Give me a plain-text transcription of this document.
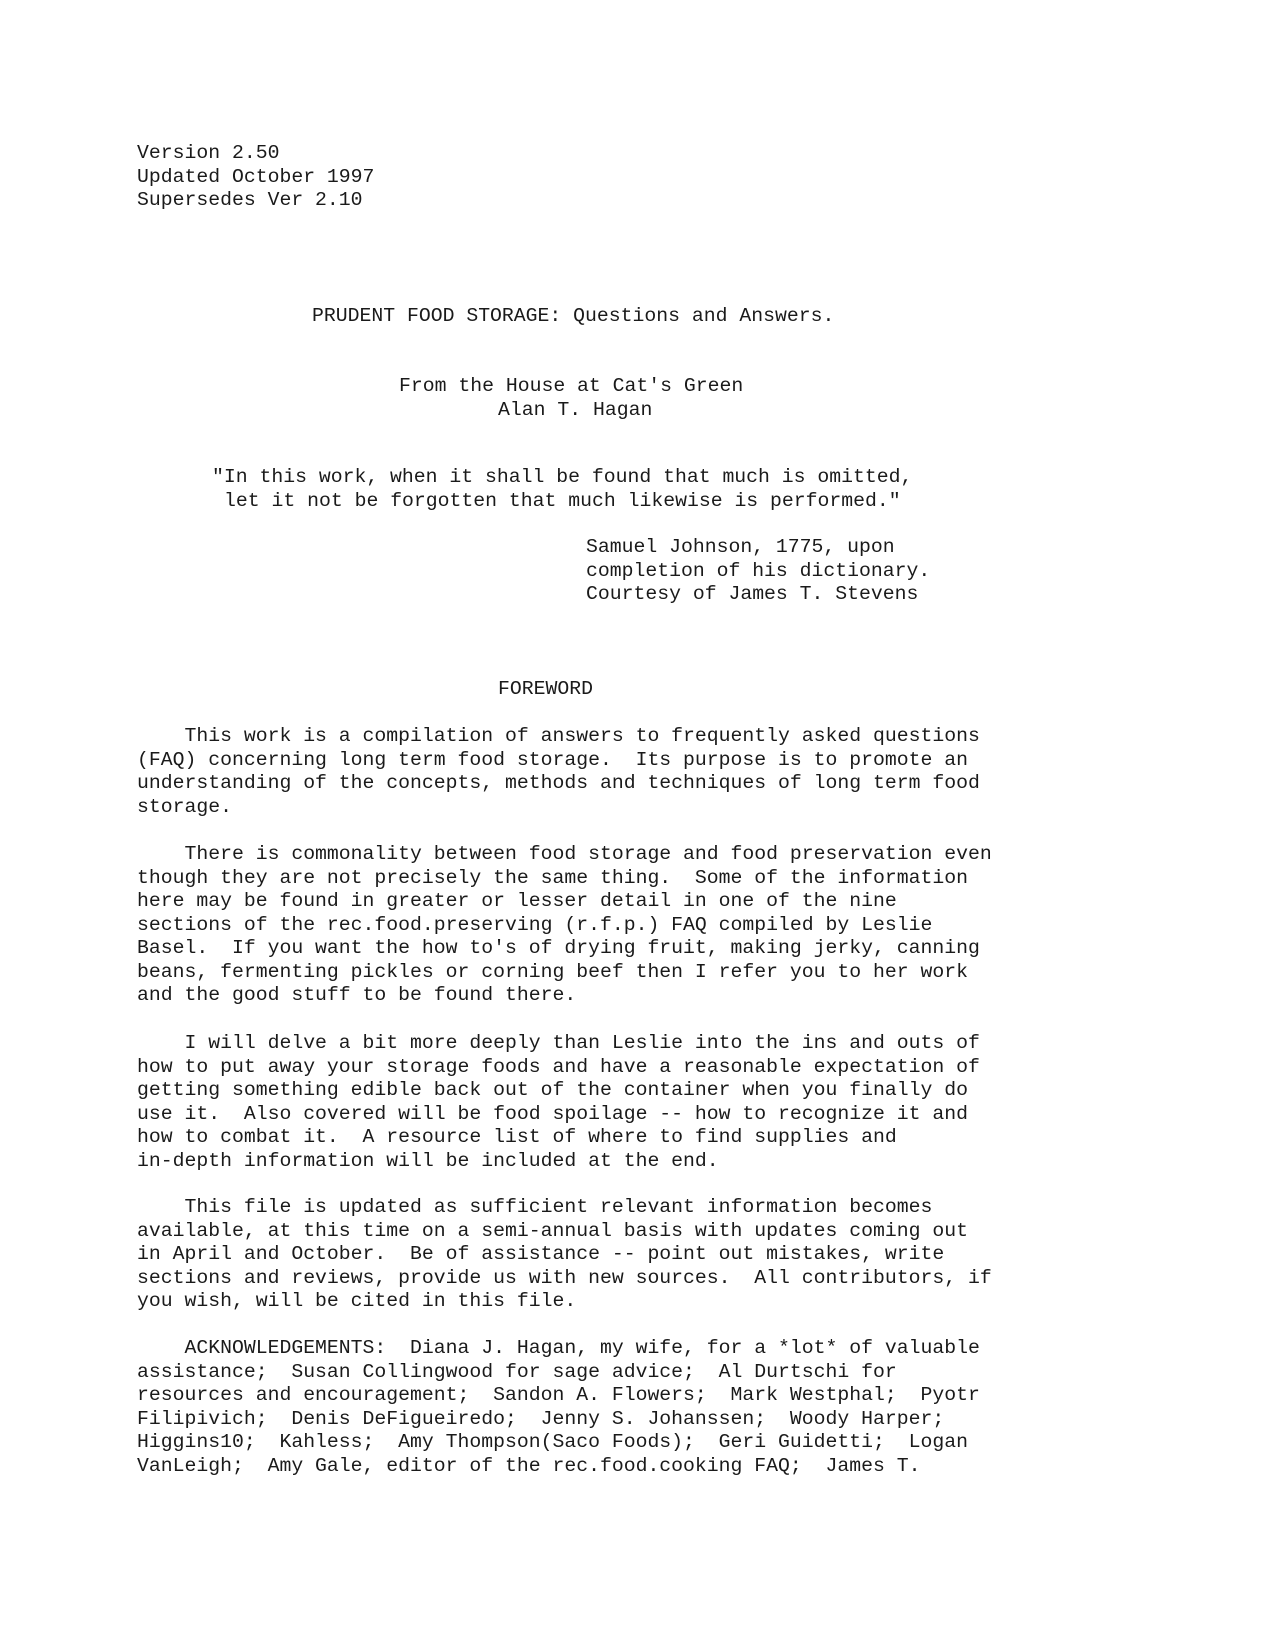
Version 2.50

Updated October 1997

Supersedes Ver 2.10

PRUDENT FOOD STORAGE: Questions and Answers.

From the House at Cat's Green

Alan T. Hagan

"In this work, when it shall be found that much is omitted,

let it not be forgotten that much likewise is performed."

Samuel Johnson, 1775, upon

completion of his dictionary.

Courtesy of James T. Stevens

FOREWORD

This work is a compilation of answers to frequently asked questions

(FAQ) concerning long term food storage.  Its purpose is to promote an

understanding of the concepts, methods and techniques of long term food

storage.

There is commonality between food storage and food preservation even

though they are not precisely the same thing.  Some of the information

here may be found in greater or lesser detail in one of the nine

sections of the rec.food.preserving (r.f.p.) FAQ compiled by Leslie

Basel.  If you want the how to's of drying fruit, making jerky, canning

beans, fermenting pickles or corning beef then I refer you to her work

and the good stuff to be found there.

I will delve a bit more deeply than Leslie into the ins and outs of

how to put away your storage foods and have a reasonable expectation of

getting something edible back out of the container when you finally do

use it.  Also covered will be food spoilage -- how to recognize it and

how to combat it.  A resource list of where to find supplies and

in-depth information will be included at the end.

This file is updated as sufficient relevant information becomes

available, at this time on a semi-annual basis with updates coming out

in April and October.  Be of assistance -- point out mistakes, write

sections and reviews, provide us with new sources.  All contributors, if

you wish, will be cited in this file.

ACKNOWLEDGEMENTS:  Diana J. Hagan, my wife, for a *lot* of valuable

assistance;  Susan Collingwood for sage advice;  Al Durtschi for

resources and encouragement;  Sandon A. Flowers;  Mark Westphal;  Pyotr

Filipivich;  Denis DeFigueiredo;  Jenny S. Johanssen;  Woody Harper;

Higgins10;  Kahless;  Amy Thompson(Saco Foods);  Geri Guidetti;  Logan

VanLeigh;  Amy Gale, editor of the rec.food.cooking FAQ;  James T.
